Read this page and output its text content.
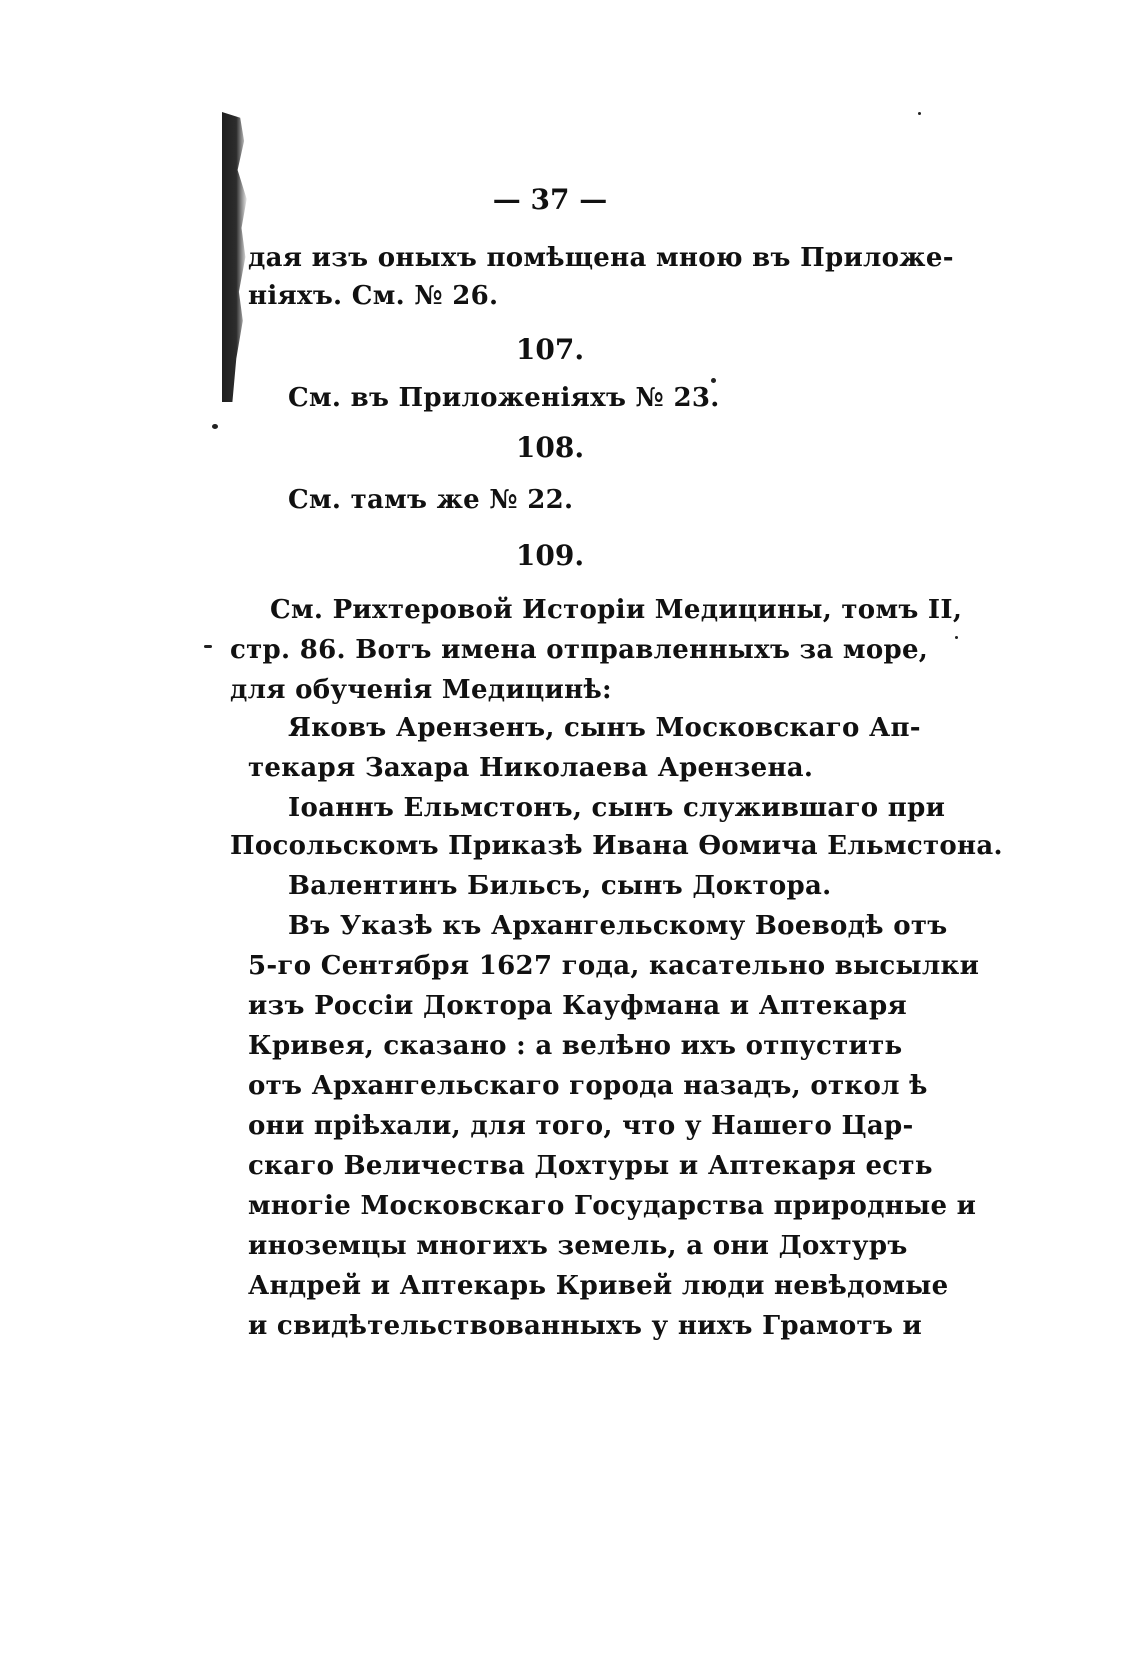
— 37 —
дая изъ оныхъ помѣщена мною въ Приложе-
ніяхъ. См. № 26.
107.
См. въ Приложеніяхъ № 23.
108.
См. тамъ же № 22.
109.
См. Рихтеровой Исторіи Медицины, томъ II,
стр. 86. Вотъ имена отправленныхъ за море,
для обученія Медицинѣ:
Яковъ Арензенъ, сынъ Московскаго Ап-
текаря Захара Николаева Арензена.
Іоаннъ Ельмстонъ, сынъ служившаго при
Посольскомъ Приказѣ Ивана Ѳомича Ельмстона.
Валентинъ Бильсъ, сынъ Доктора.
Въ Указѣ къ Архангельскому Воеводѣ отъ
5-го Сентября 1627 года, касательно высылки
изъ Россіи Доктора Кауфмана и Аптекаря
Кривея, сказано : а велѣно ихъ отпустить
отъ Архангельскаго города назадъ, откол ѣ
они пріѣхали, для того, что у Нашего Цар-
скаго Величества Дохтуры и Аптекаря есть
многіе Московскаго Государства природные и
иноземцы многихъ земель, а они Дохтуръ
Андрей и Аптекарь Кривей люди невѣдомые
и свидѣтельствованныхъ у нихъ Грамотъ и
